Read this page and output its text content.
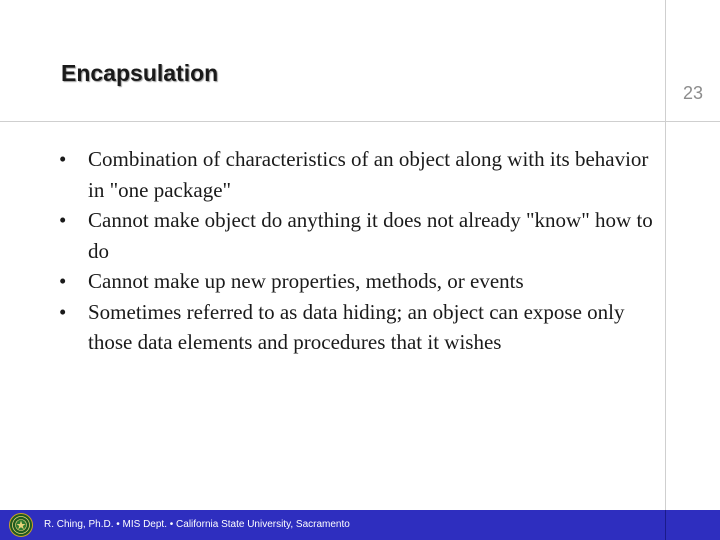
Encapsulation
23
• Combination of characteristics of an object along with its behavior in "one package"
• Cannot make object do anything it does not already "know" how to do
• Cannot make up new properties, methods, or events
• Sometimes referred to as data hiding; an object can expose only those data elements and procedures that it wishes
R. Ching, Ph.D. • MIS Dept. • California State University, Sacramento
